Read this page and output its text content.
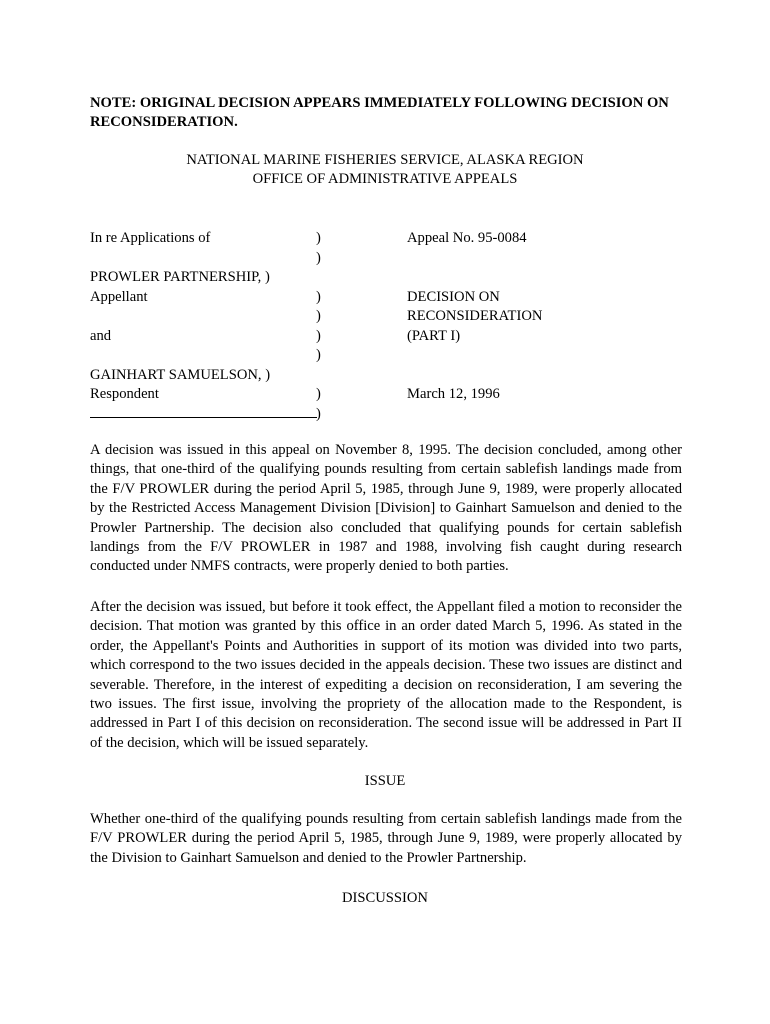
NOTE: ORIGINAL DECISION APPEARS IMMEDIATELY FOLLOWING DECISION ON RECONSIDERATION.
NATIONAL MARINE FISHERIES SERVICE, ALASKA REGION
OFFICE OF ADMINISTRATIVE APPEALS
In re Applications of	)	Appeal No. 95-0084
)
PROWLER PARTNERSHIP, )
Appellant	)	DECISION ON
)	RECONSIDERATION
and	)	(PART I)
)
GAINHART SAMUELSON, )
Respondent	)	March 12, 1996
)
A decision was issued in this appeal on November 8, 1995. The decision concluded, among other things, that one-third of the qualifying pounds resulting from certain sablefish landings made from the F/V PROWLER during the period April 5, 1985, through June 9, 1989, were properly allocated by the Restricted Access Management Division [Division] to Gainhart Samuelson and denied to the Prowler Partnership. The decision also concluded that qualifying pounds for certain sablefish landings from the F/V PROWLER in 1987 and 1988, involving fish caught during research conducted under NMFS contracts, were properly denied to both parties.
After the decision was issued, but before it took effect, the Appellant filed a motion to reconsider the decision. That motion was granted by this office in an order dated March 5, 1996. As stated in the order, the Appellant's Points and Authorities in support of its motion was divided into two parts, which correspond to the two issues decided in the appeals decision. These two issues are distinct and severable. Therefore, in the interest of expediting a decision on reconsideration, I am severing the two issues. The first issue, involving the propriety of the allocation made to the Respondent, is addressed in Part I of this decision on reconsideration. The second issue will be addressed in Part II of the decision, which will be issued separately.
ISSUE
Whether one-third of the qualifying pounds resulting from certain sablefish landings made from the F/V PROWLER during the period April 5, 1985, through June 9, 1989, were properly allocated by the Division to Gainhart Samuelson and denied to the Prowler Partnership.
DISCUSSION
